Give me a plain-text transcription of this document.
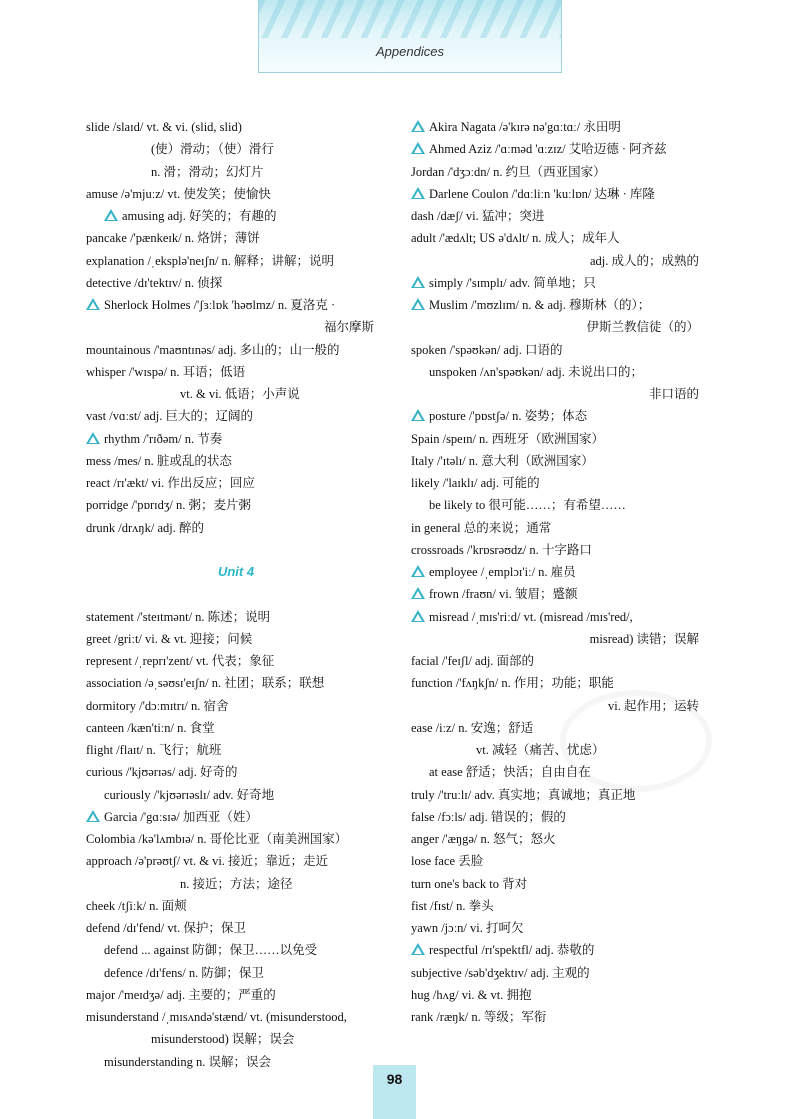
Appendices
slide /slaɪd/ vt. & vi. (slid, slid)
(使）滑动；（使）滑行
n. 滑；滑动；幻灯片
amuse /ə'mjuːz/ vt. 使发笑；使愉快
amusing adj. 好笑的；有趣的
pancake /'pænkeɪk/ n. 烙饼；薄饼
explanation /ˌeksplə'neɪʃn/ n. 解释；讲解；说明
detective /dɪ'tektɪv/ n. 侦探
Sherlock Holmes /'ʃɜːlɒk 'həʊlmz/ n. 夏洛克 ·
福尔摩斯
mountainous /'maʊntɪnəs/ adj. 多山的；山一般的
whisper /'wɪspə/ n. 耳语；低语
vt. & vi. 低语；小声说
vast /vɑːst/ adj. 巨大的；辽阔的
rhythm /'rɪðəm/ n. 节奏
mess /mes/ n. 脏或乱的状态
react /rɪ'ækt/ vi. 作出反应；回应
porridge /'pɒrɪdʒ/ n. 粥；麦片粥
drunk /drʌŋk/ adj. 醉的
Unit 4
statement /'steɪtmənt/ n. 陈述；说明
greet /griːt/ vi. & vt. 迎接；问候
represent /ˌreprɪ'zent/ vt. 代表；象征
association /əˌsəʊsɪ'eɪʃn/ n. 社团；联系；联想
dormitory /'dɔːmɪtrɪ/ n. 宿舍
canteen /kæn'tiːn/ n. 食堂
flight /flaɪt/ n. 飞行；航班
curious /'kjʊərɪəs/ adj. 好奇的
curiously /'kjʊərɪəslɪ/ adv. 好奇地
Garcia /'gɑːsɪə/ 加西亚（姓）
Colombia /kə'lʌmbɪə/ n. 哥伦比亚（南美洲国家）
approach /ə'prəʊtʃ/ vt. & vi. 接近；靠近；走近
n. 接近；方法；途径
cheek /tʃiːk/ n. 面颊
defend /dɪ'fend/ vt. 保护；保卫
defend ... against 防御；保卫……以免受
defence /dɪ'fens/ n. 防御；保卫
major /'meɪdʒə/ adj. 主要的；严重的
misunderstand /ˌmɪsʌndə'stænd/ vt. (misunderstood,
misunderstood) 误解；误会
misunderstanding n. 误解；误会
Akira Nagata /ə'kɪrə nə'gɑːtɑː/ 永田明
Ahmed Aziz /'ɑːməd 'ɑːzɪz/ 艾哈迈德 · 阿齐兹
Jordan /'dʒɔːdn/ n. 约旦（西亚国家）
Darlene Coulon /'dɑːliːn 'kuːlɒn/ 达琳 · 库隆
dash /dæʃ/ vi. 猛冲；突进
adult /'ædʌlt; US ə'dʌlt/ n. 成人；成年人
adj. 成人的；成熟的
simply /'sɪmplɪ/ adv. 简单地；只
Muslim /'mʊzlɪm/ n. & adj. 穆斯林（的）；
伊斯兰教信徒（的）
spoken /'spəʊkən/ adj. 口语的
unspoken /ʌn'spəʊkən/ adj. 未说出口的；
非口语的
posture /'pɒstʃə/ n. 姿势；体态
Spain /speɪn/ n. 西班牙（欧洲国家）
Italy /'ɪtəlɪ/ n. 意大利（欧洲国家）
likely /'laɪklɪ/ adj. 可能的
be likely to 很可能……；有希望……
in general 总的来说；通常
crossroads /'krɒsrəʊdz/ n. 十字路口
employee /ˌemplɔɪ'iː/ n. 雇员
frown /fraʊn/ vi. 皱眉；蹙额
misread /ˌmɪs'riːd/ vt. (misread /mɪs'red/,
misread) 读错；误解
facial /'feɪʃl/ adj. 面部的
function /'fʌŋkʃn/ n. 作用；功能；职能
vi. 起作用；运转
ease /iːz/ n. 安逸；舒适
vt. 减轻（痛苦、忧虑）
at ease 舒适；快活；自由自在
truly /'truːlɪ/ adv. 真实地；真诚地；真正地
false /fɔːls/ adj. 错误的；假的
anger /'æŋgə/ n. 怒气；怒火
lose face 丢脸
turn one's back to 背对
fist /fɪst/ n. 拳头
yawn /jɔːn/ vi. 打呵欠
respectful /rɪ'spektfl/ adj. 恭敬的
subjective /səb'dʒektɪv/ adj. 主观的
hug /hʌg/ vi. & vt. 拥抱
rank /ræŋk/ n. 等级；军衔
98
